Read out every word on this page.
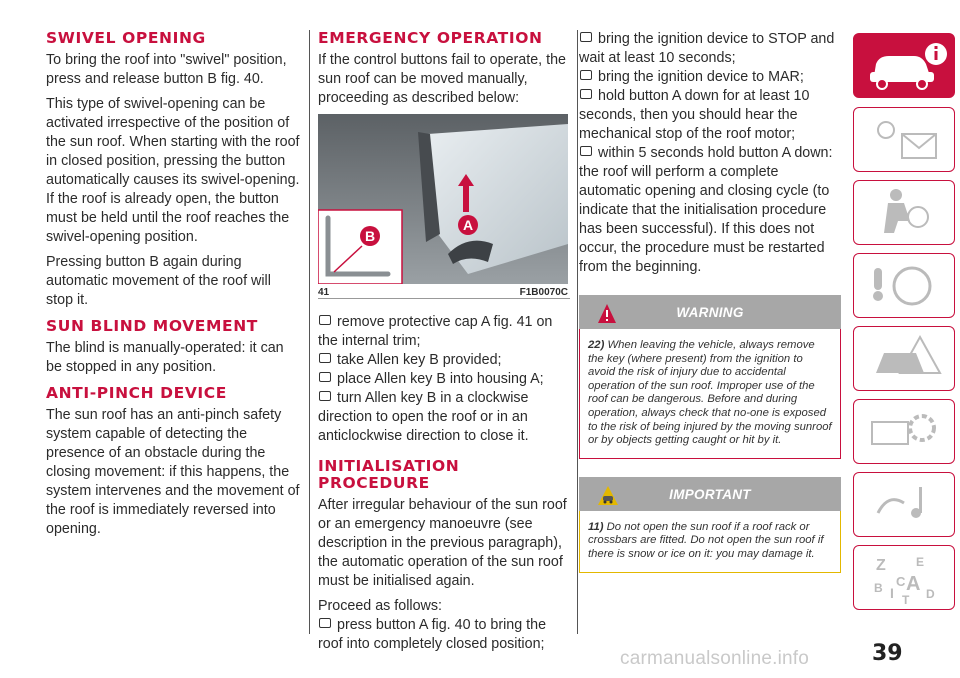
SWIVEL OPENING

To bring the roof into "swivel" position, press and release button B fig. 40.

This type of swivel-opening can be activated irrespective of the position of the sun roof. When starting with the roof in closed position, pressing the button automatically causes its swivel-opening. If the roof is already open, the button must be held until the roof reaches the swivel-opening position.

Pressing button B again during automatic movement of the roof will stop it.

SUN BLIND MOVEMENT

The blind is manually-operated: it can be stopped in any position.

ANTI-PINCH DEVICE

The sun roof has an anti-pinch safety system capable of detecting the presence of an obstacle during the closing movement: if this happens, the system intervenes and the movement of the roof is immediately reversed into opening.

EMERGENCY OPERATION

If the control buttons fail to operate, the sun roof can be moved manually, proceeding as described below:

A
B
41	F1B0070C
remove protective cap A fig. 41 on the internal trim;
take Allen key B provided;
place Allen key B into housing A;
turn Allen key B in a clockwise direction to open the roof or in an anticlockwise direction to close it.
INITIALISATION PROCEDURE

After irregular behaviour of the sun roof or an emergency manoeuvre (see description in the previous paragraph), the automatic operation of the sun roof must be initialised again.

Proceed as follows:

press button A fig. 40 to bring the roof into completely closed position;
bring the ignition device to STOP and wait at least 10 seconds;
bring the ignition device to MAR;
hold button A down for at least 10 seconds, then you should hear the mechanical stop of the roof motor;
within 5 seconds hold button A down: the roof will perform a complete automatic opening and closing cycle (to indicate that the initialisation procedure has been successful). If this does not occur, the procedure must be restarted from the beginning.
WARNING
22) When leaving the vehicle, always remove the key (where present) from the ignition to avoid the risk of injury due to accidental operation of the sun roof. Improper use of the roof can be dangerous. Before and during operation, always check that no-one is exposed to the risk of being injured by the moving sunroof or by objects getting caught or hit by it.
IMPORTANT
11) Do not open the sun roof if a roof rack or crossbars are fitted. Do not open the sun roof if there is snow or ice on it: you may damage it.
Z	E
B A
I
C
T D
carmanualsonline.info	39
